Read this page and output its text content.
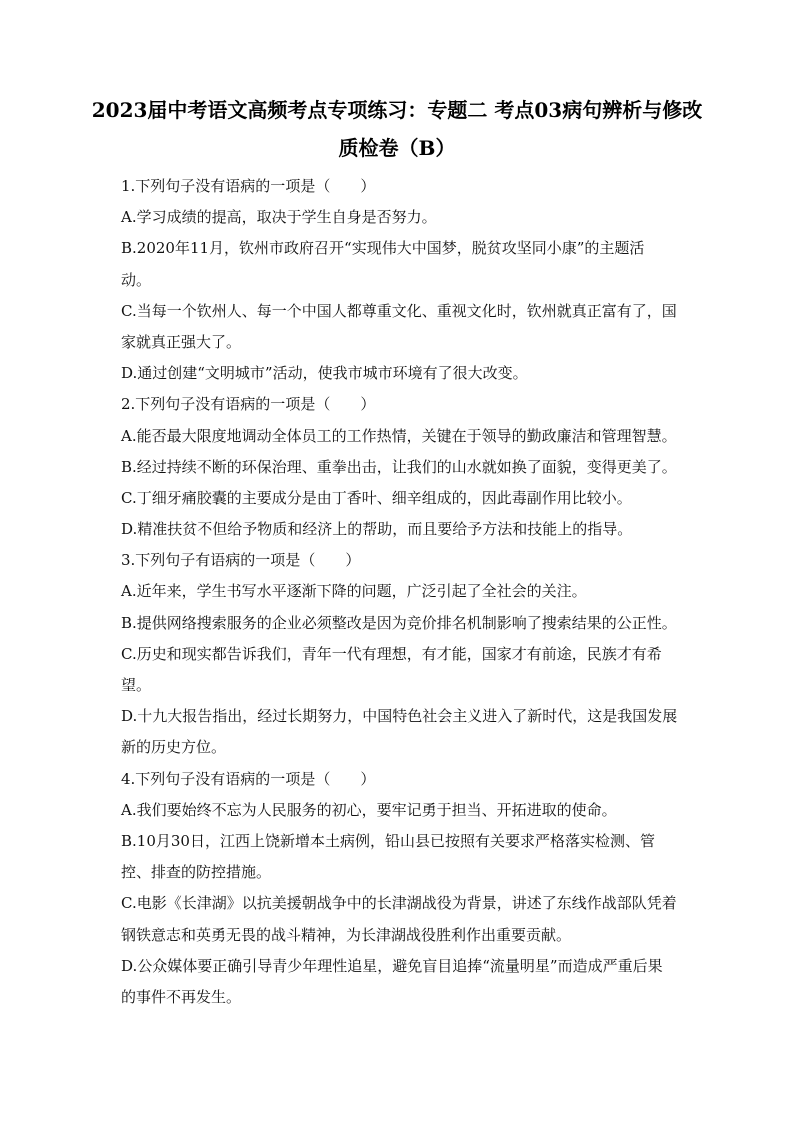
2023届中考语文高频考点专项练习：专题二 考点03病句辨析与修改
质检卷（B）
1.下列句子没有语病的一项是（　　）
A.学习成绩的提高，取决于学生自身是否努力。
B.2020年11月，钦州市政府召开“实现伟大中国梦，脱贫攻坚同小康”的主题活
动。
C.当每一个钦州人、每一个中国人都尊重文化、重视文化时，钦州就真正富有了，国
家就真正强大了。
D.通过创建“文明城市”活动，使我市城市环境有了很大改变。
2.下列句子没有语病的一项是（　　）
A.能否最大限度地调动全体员工的工作热情，关键在于领导的勤政廉洁和管理智慧。
B.经过持续不断的环保治理、重拳出击，让我们的山水就如换了面貌，变得更美了。
C.丁细牙痛胶囊的主要成分是由丁香叶、细辛组成的，因此毒副作用比较小。
D.精准扶贫不但给予物质和经济上的帮助，而且要给予方法和技能上的指导。
3.下列句子有语病的一项是（　　）
A.近年来，学生书写水平逐渐下降的问题，广泛引起了全社会的关注。
B.提供网络搜索服务的企业必须整改是因为竞价排名机制影响了搜索结果的公正性。
C.历史和现实都告诉我们，青年一代有理想，有才能，国家才有前途，民族才有希
望。
D.十九大报告指出，经过长期努力，中国特色社会主义进入了新时代，这是我国发展
新的历史方位。
4.下列句子没有语病的一项是（　　）
A.我们要始终不忘为人民服务的初心，要牢记勇于担当、开拓进取的使命。
B.10月30日，江西上饶新增本土病例，铅山县已按照有关要求严格落实检测、管
控、排查的防控措施。
C.电影《长津湖》以抗美援朝战争中的长津湖战役为背景，讲述了东线作战部队凭着
钢铁意志和英勇无畏的战斗精神，为长津湖战役胜利作出重要贡献。
D.公众媒体要正确引导青少年理性追星，避免盲目追捧“流量明星”而造成严重后果
的事件不再发生。
